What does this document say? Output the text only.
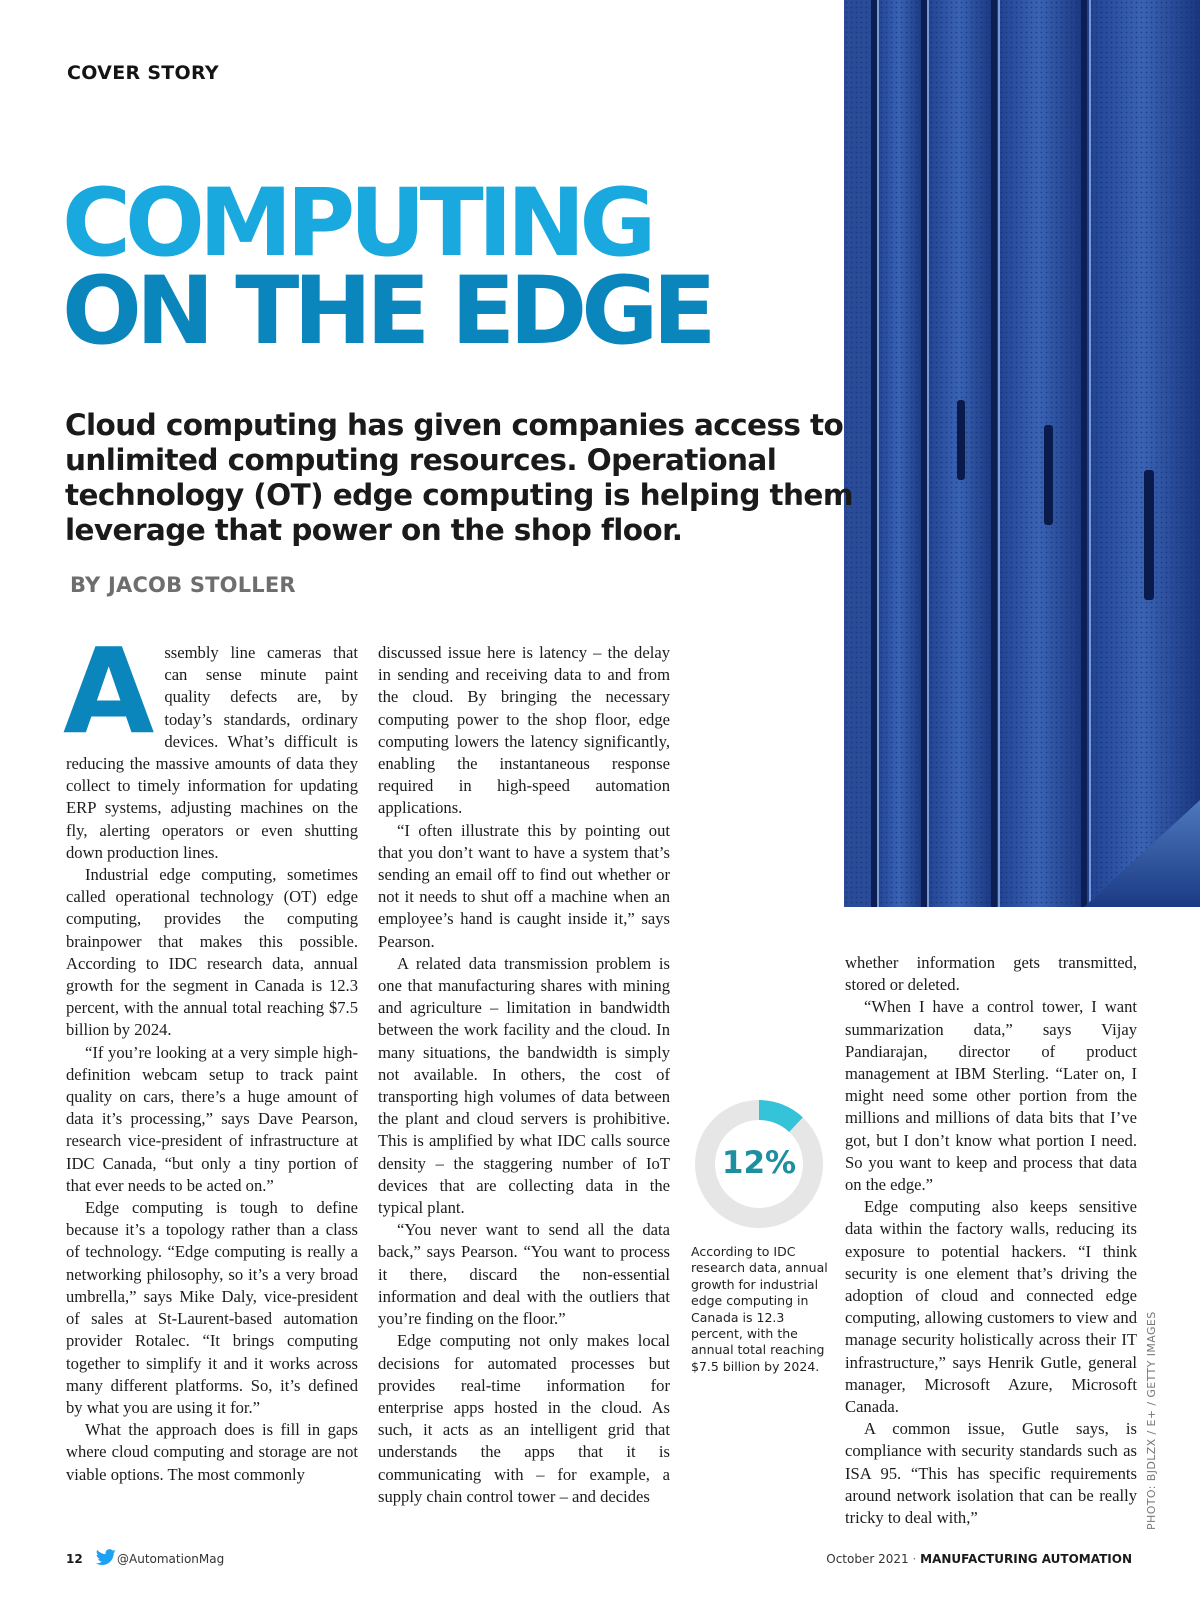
COVER STORY
COMPUTING
ON THE EDGE

Cloud computing has given companies access to unlimited computing resources. Operational technology (OT) edge computing is helping them leverage that power on the shop floor.

BY JACOB STOLLER

Assembly line cameras that can sense minute paint quality defects are, by today’s standards, ordinary devices. What’s difficult is reducing the massive amounts of data they collect to timely information for updating ERP systems, adjusting machines on the fly, alerting operators or even shutting down production lines.

Industrial edge computing, sometimes called operational technology (OT) edge computing, provides the computing brainpower that makes this possible. According to IDC research data, annual growth for the segment in Canada is 12.3 percent, with the annual total reaching $7.5 billion by 2024.

“If you’re looking at a very simple high-definition webcam setup to track paint quality on cars, there’s a huge amount of data it’s processing,” says Dave Pearson, research vice-president of infrastructure at IDC Canada, “but only a tiny portion of that ever needs to be acted on.”

Edge computing is tough to define because it’s a topology rather than a class of technology. “Edge computing is really a networking philosophy, so it’s a very broad umbrella,” says Mike Daly, vice-president of sales at St-Laurent-based automation provider Rotalec. “It brings computing together to simplify it and it works across many different platforms. So, it’s defined by what you are using it for.”

What the approach does is fill in gaps where cloud computing and storage are not viable options. The most commonly

discussed issue here is latency – the delay in sending and receiving data to and from the cloud. By bringing the necessary computing power to the shop floor, edge computing lowers the latency significantly, enabling the instantaneous response required in high-speed automation applications.

“I often illustrate this by pointing out that you don’t want to have a system that’s sending an email off to find out whether or not it needs to shut off a machine when an employee’s hand is caught inside it,” says Pearson.

A related data transmission problem is one that manufacturing shares with mining and agriculture – limitation in bandwidth between the work facility and the cloud. In many situations, the bandwidth is simply not available. In others, the cost of transporting high volumes of data between the plant and cloud servers is prohibitive. This is amplified by what IDC calls source density – the staggering number of IoT devices that are collecting data in the typical plant.

“You never want to send all the data back,” says Pearson. “You want to process it there, discard the non-essential information and deal with the outliers that you’re finding on the floor.”

Edge computing not only makes local decisions for automated processes but provides real-time information for enterprise apps hosted in the cloud. As such, it acts as an intelligent grid that understands the apps that it is communicating with – for example, a supply chain control tower – and decides

12%

According to IDC research data, annual growth for industrial edge computing in Canada is 12.3 percent, with the annual total reaching $7.5 billion by 2024.

whether information gets transmitted, stored or deleted.

“When I have a control tower, I want summarization data,” says Vijay Pandiarajan, director of product management at IBM Sterling. “Later on, I might need some other portion from the millions and millions of data bits that I’ve got, but I don’t know what portion I need. So you want to keep and process that data on the edge.”

Edge computing also keeps sensitive data within the factory walls, reducing its exposure to potential hackers. “I think security is one element that’s driving the adoption of cloud and connected edge computing, allowing customers to view and manage security holistically across their IT infrastructure,” says Henrik Gutle, general manager, Microsoft Azure, Microsoft Canada.

A common issue, Gutle says, is compliance with security standards such as ISA 95. “This has specific requirements around network isolation that can be really tricky to deal with,”	PHOTO: BJDLZX / E+ / GETTY IMAGES
12	@AutomationMag	October 2021 · MANUFACTURING AUTOMATION
